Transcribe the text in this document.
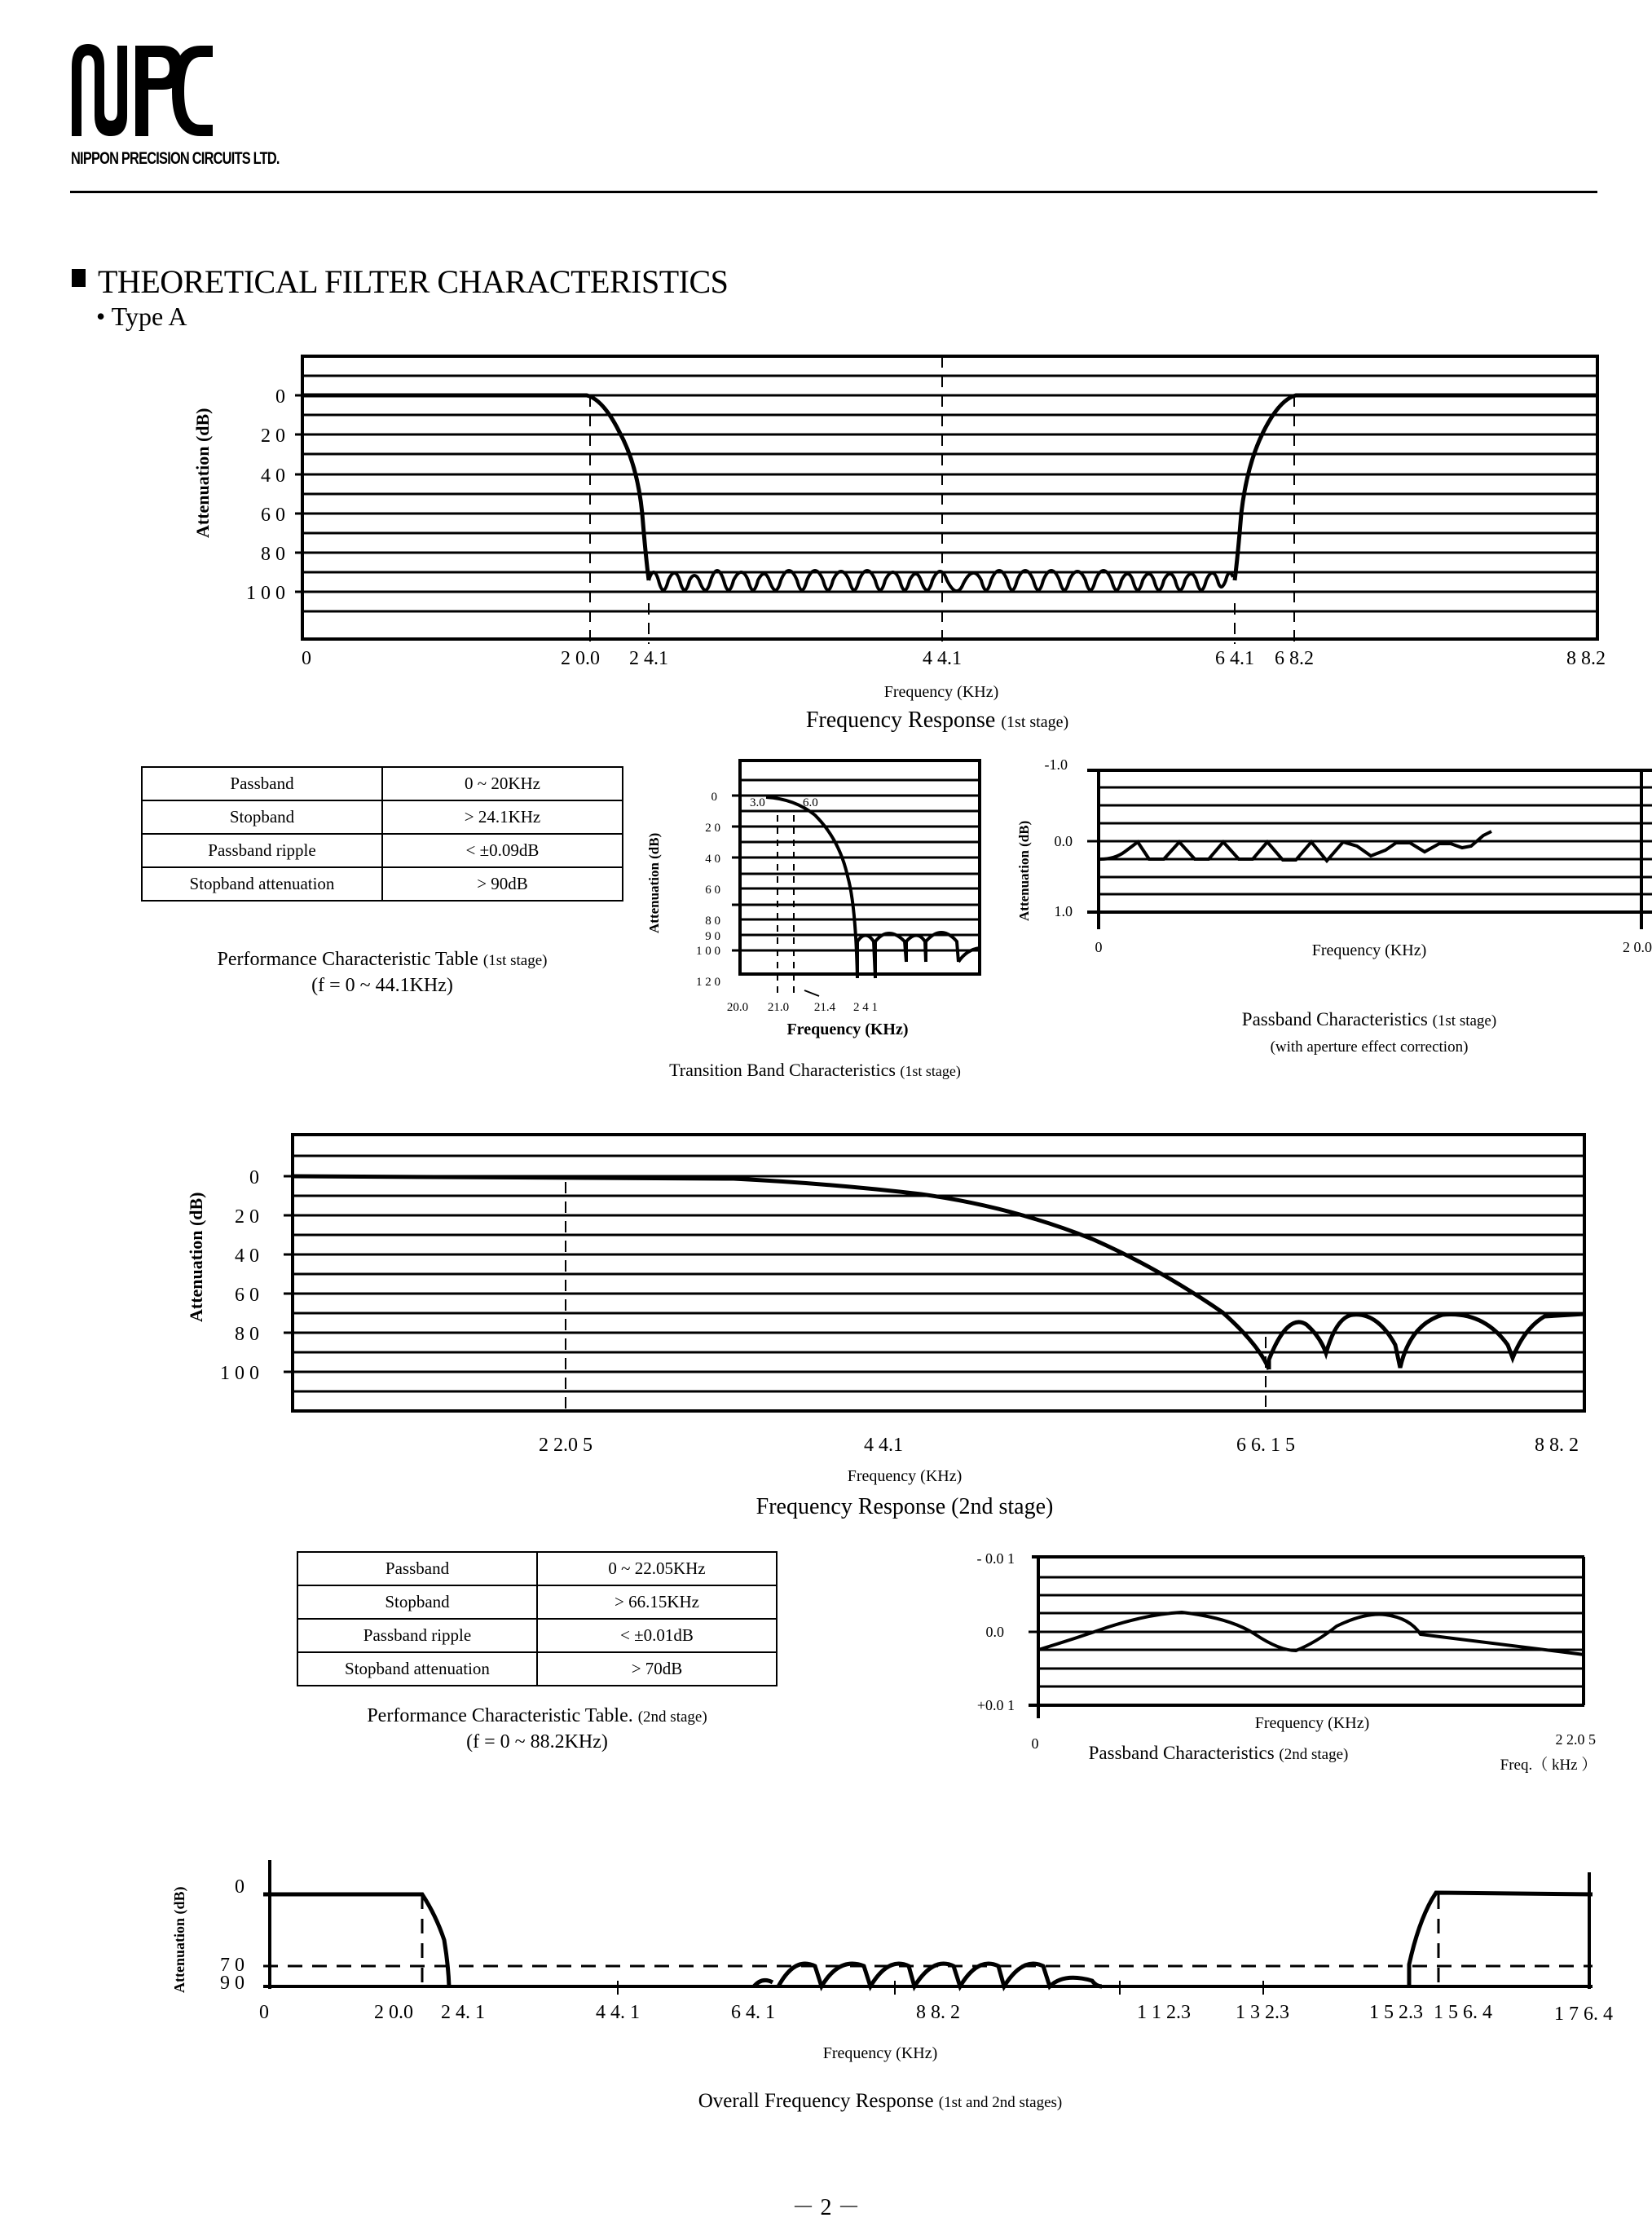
NIPPON PRECISION CIRCUITS LTD.
THEORETICAL FILTER CHARACTERISTICS
• Type A
0
2 0
4 0
6 0
8 0
1 0 0
Attenuation (dB)
0	2 0.0 2 4.1	4 4.1	6 4.1 6 8.2	8 8.2
Frequency (KHz)
Frequency Response (1st stage)
Passband	0 ~ 20KHz
Stopband	> 24.1KHz
Passband ripple	< ±0.09dB
Stopband attenuation	> 90dB
Performance Characteristic Table (1st stage)
(f = 0 ~ 44.1KHz)
0
2 0
4 0
6 0
8 0
9 0
1 0 0
1 2 0
Attenuation (dB)
3.0	6.0
20.0 21.0 21.4 2 4 1
Frequency (KHz)
Transition Band Characteristics (1st stage)
-1.0
0.0
1.0
Attenuation (dB)
0	2 0.0
Frequency (KHz)
Passband Characteristics (1st stage)
(with aperture effect correction)
0
2 0
4 0
6 0
8 0
1 0 0
Attenuation (dB)
2 2.0 5	4 4.1	6 6. 1 5	8 8. 2
Frequency (KHz)
Frequency Response (2nd stage)
Passband	0 ~ 22.05KHz
Stopband	> 66.15KHz
Passband ripple	< ±0.01dB
Stopband attenuation	> 70dB
Performance Characteristic Table. (2nd stage)
(f = 0 ~ 88.2KHz)
- 0.0 1
0.0
+0.0 1
0	2 2.0 5
Frequency (KHz)
Passband Characteristics (2nd stage)
Freq.（ kHz ）
0
7 0
9 0
Attenuation (dB)
0	2 0.0 2 4. 1	4 4. 1	6 4. 1	8 8. 2	1 1 2.3 1 3 2.3	1 5 2.3 1 5 6. 4	1 7 6. 4
Frequency (KHz)
Overall Frequency Response (1st and 2nd stages)
－ 2 －
